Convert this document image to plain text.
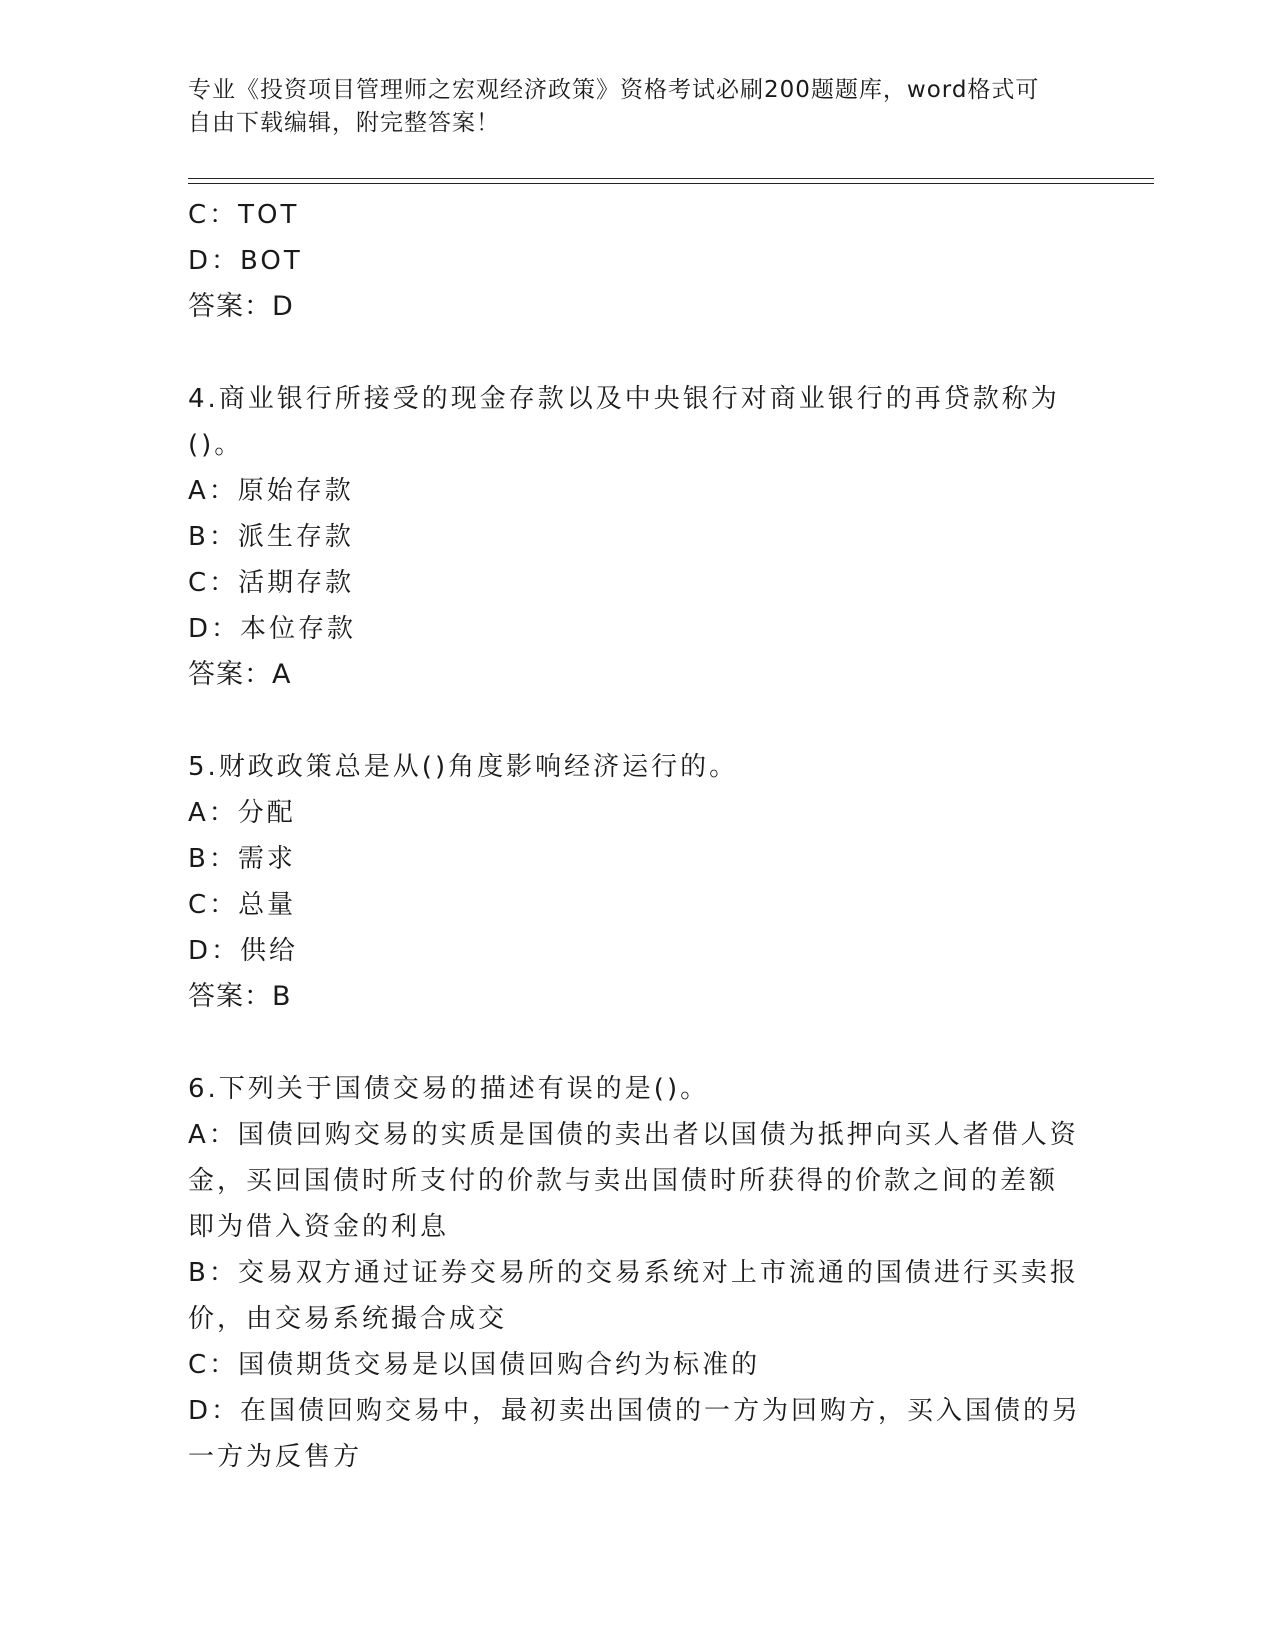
专业《投资项目管理师之宏观经济政策》资格考试必刷200题题库，word格式可
自由下载编辑，附完整答案！
C：TOT
D：BOT
答案：D
4.商业银行所接受的现金存款以及中央银行对商业银行的再贷款称为
()。
A：原始存款
B：派生存款
C：活期存款
D：本位存款
答案：A
5.财政政策总是从()角度影响经济运行的。
A：分配
B：需求
C：总量
D：供给
答案：B
6.下列关于国债交易的描述有误的是()。
A：国债回购交易的实质是国债的卖出者以国债为抵押向买人者借人资
金，买回国债时所支付的价款与卖出国债时所获得的价款之间的差额
即为借入资金的利息
B：交易双方通过证券交易所的交易系统对上市流通的国债进行买卖报
价，由交易系统撮合成交
C：国债期货交易是以国债回购合约为标准的
D：在国债回购交易中，最初卖出国债的一方为回购方，买入国债的另
一方为反售方
